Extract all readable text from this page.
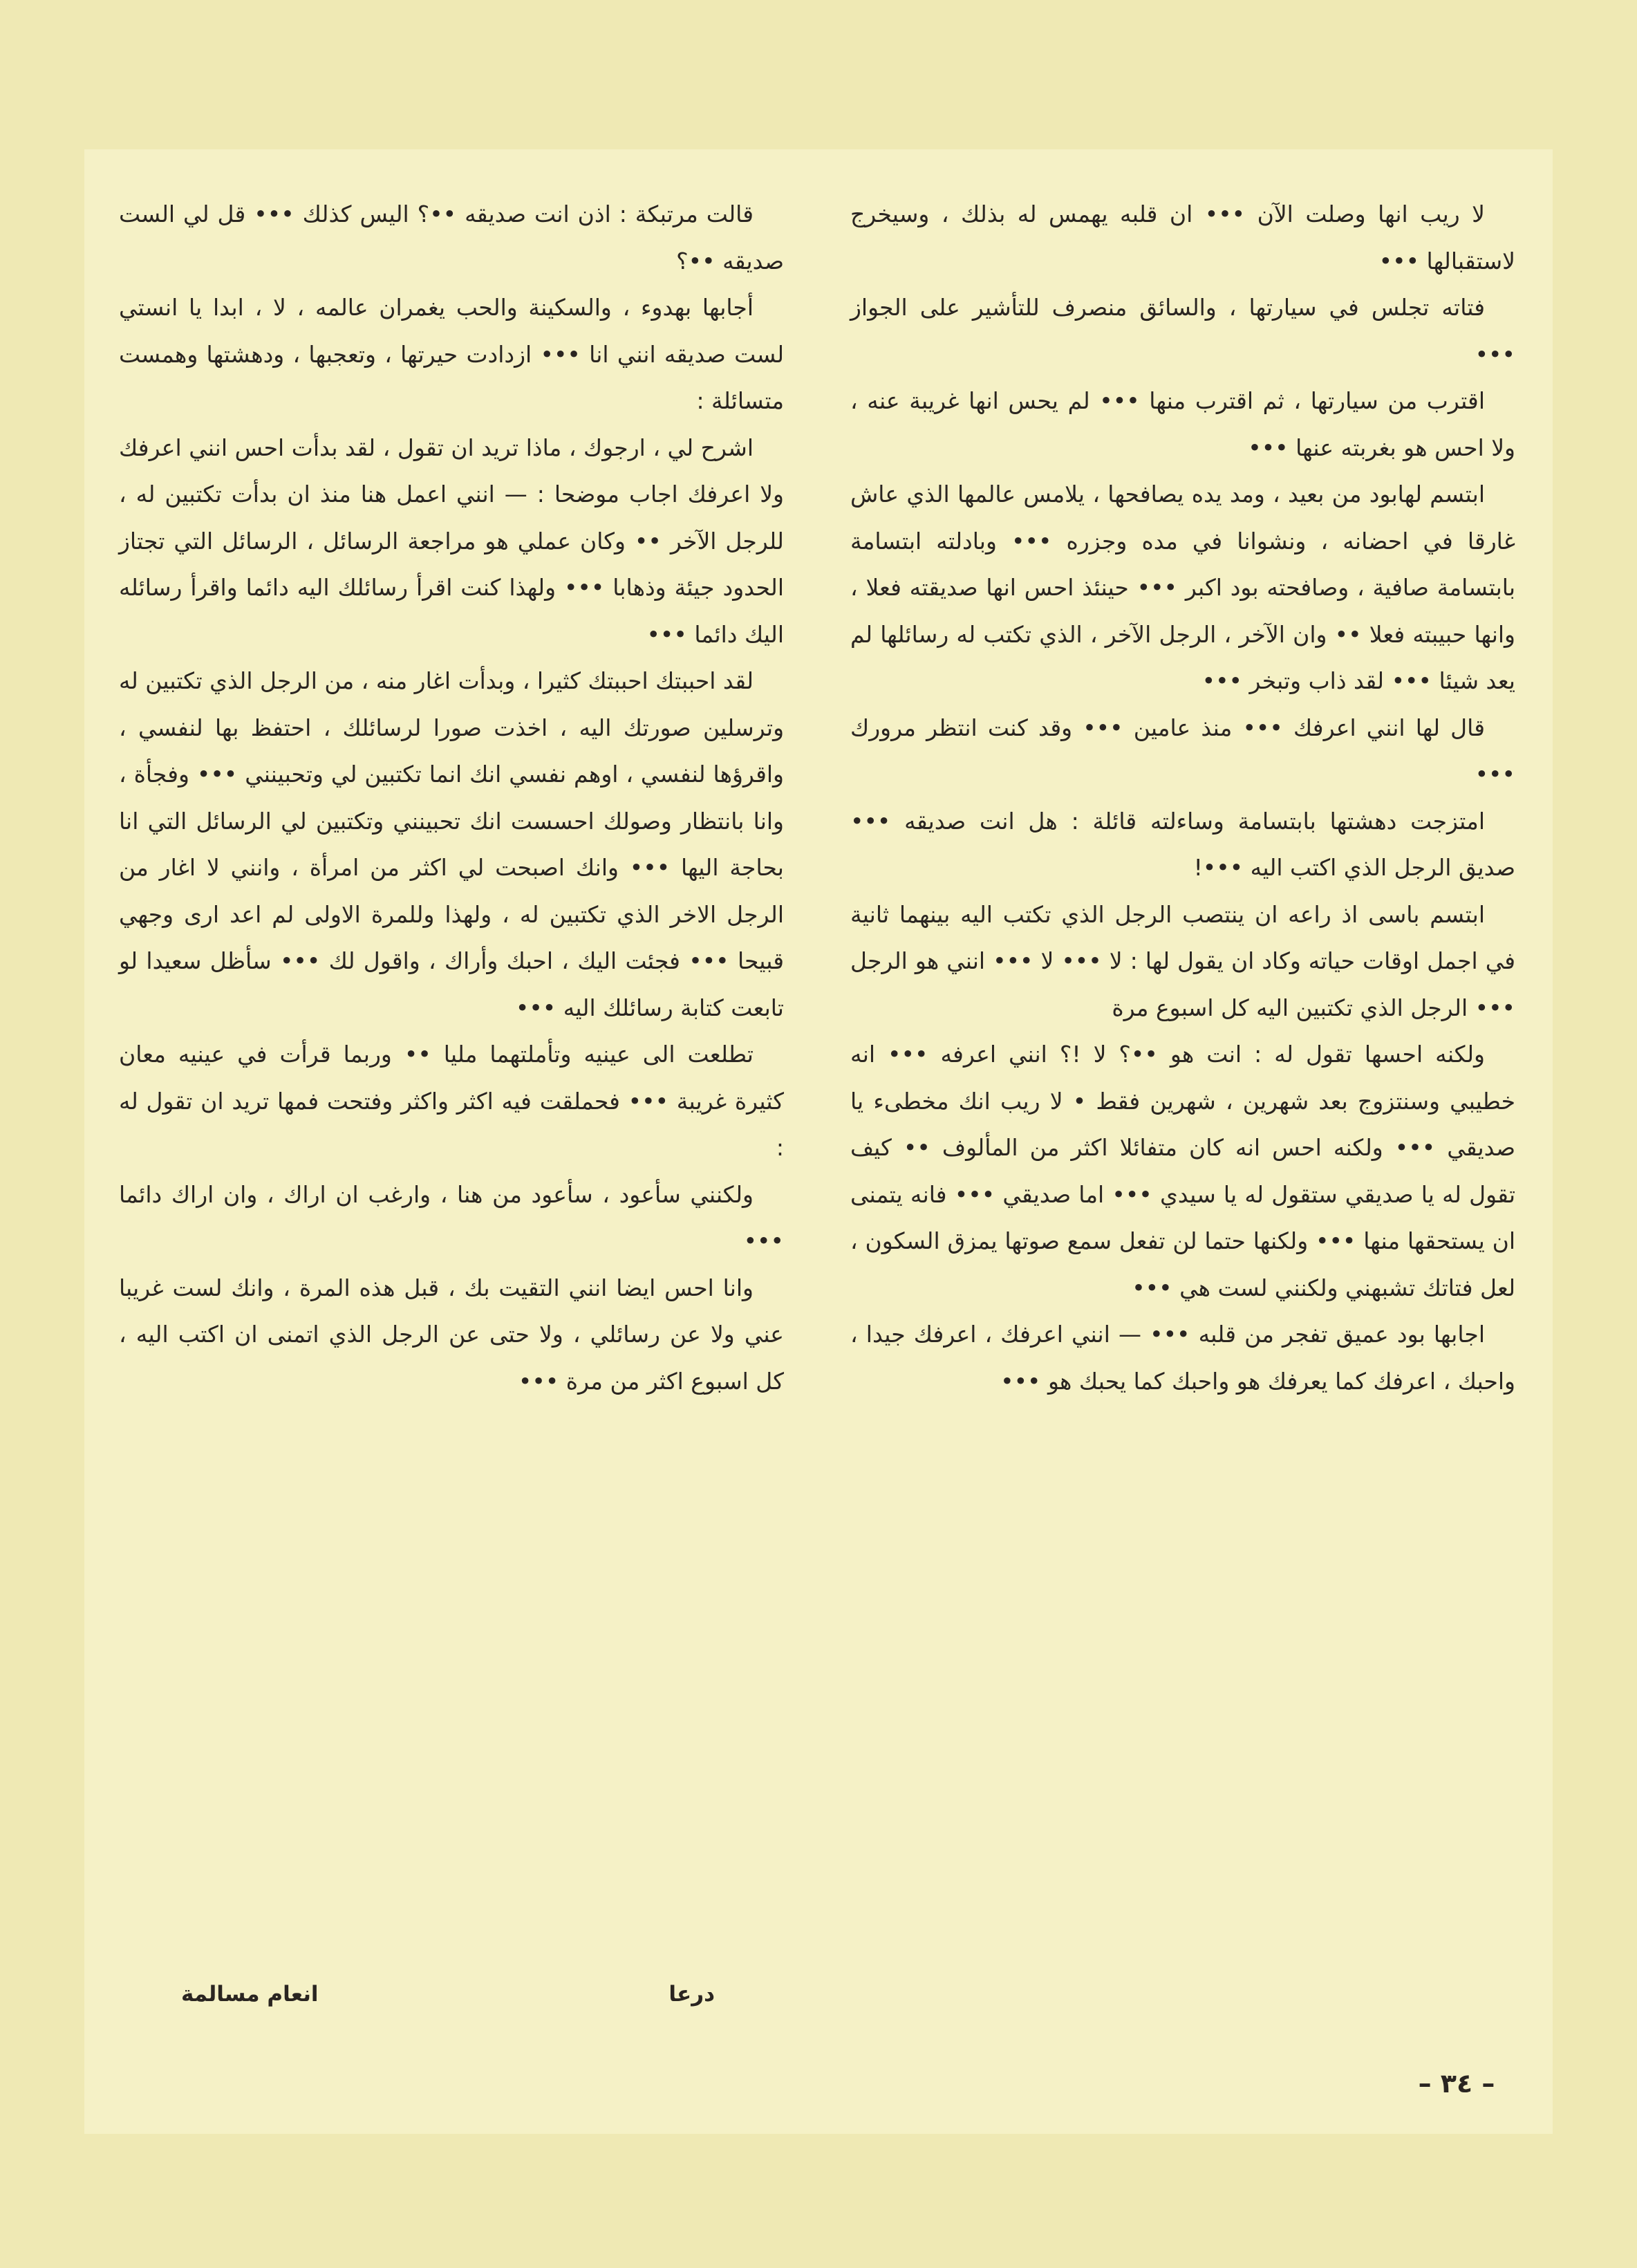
لا ريب انها وصلت الآن ••• ان قلبه يهمس له بذلك ، وسيخرج لاستقبالها •••

فتاته تجلس في سيارتها ، والسائق منصرف للتأشير على الجواز •••

اقترب من سيارتها ، ثم اقترب منها ••• لم يحس انها غريبة عنه ، ولا احس هو بغربته عنها •••

ابتسم لهابود من بعيد ، ومد يده يصافحها ، يلامس عالمها الذي عاش غارقا في احضانه ، ونشوانا في مده وجزره ••• وبادلته ابتسامة بابتسامة صافية ، وصافحته بود اكبر ••• حينئذ احس انها صديقته فعلا ، وانها حبيبته فعلا •• وان الآخر ، الرجل الآخر ، الذي تكتب له رسائلها لم يعد شيئا ••• لقد ذاب وتبخر •••

قال لها انني اعرفك ••• منذ عامين ••• وقد كنت انتظر مرورك •••

امتزجت دهشتها بابتسامة وساءلته قائلة : هل انت صديقه ••• صديق الرجل الذي اكتب اليه •••!

ابتسم باسى اذ راعه ان ينتصب الرجل الذي تكتب اليه بينهما ثانية في اجمل اوقات حياته وكاد ان يقول لها : لا ••• لا ••• انني هو الرجل ••• الرجل الذي تكتبين اليه كل اسبوع مرة

ولكنه احسها تقول له : انت هو ••؟ لا !؟ انني اعرفه ••• انه خطيبي وسنتزوج بعد شهرين ، شهرين فقط • لا ريب انك مخطىء يا صديقي ••• ولكنه احس انه كان متفائلا اكثر من المألوف •• كيف تقول له يا صديقي ستقول له يا سيدي ••• اما صديقي ••• فانه يتمنى ان يستحقها منها ••• ولكنها حتما لن تفعل سمع صوتها يمزق السكون ، لعل فتاتك تشبهني ولكنني لست هي •••

اجابها بود عميق تفجر من قلبه ••• — انني اعرفك ، اعرفك جيدا ، واحبك ، اعرفك كما يعرفك هو واحبك كما يحبك هو •••

قالت مرتبكة : اذن انت صديقه ••؟ اليس كذلك ••• قل لي الست صديقه ••؟

أجابها بهدوء ، والسكينة والحب يغمران عالمه ، لا ، ابدا يا انستي لست صديقه انني انا ••• ازدادت حيرتها ، وتعجبها ، ودهشتها وهمست متسائلة :

اشرح لي ، ارجوك ، ماذا تريد ان تقول ، لقد بدأت احس انني اعرفك ولا اعرفك اجاب موضحا : — انني اعمل هنا منذ ان بدأت تكتبين له ، للرجل الآخر •• وكان عملي هو مراجعة الرسائل ، الرسائل التي تجتاز الحدود جيئة وذهابا ••• ولهذا كنت اقرأ رسائلك اليه دائما واقرأ رسائله اليك دائما •••

لقد احببتك احببتك كثيرا ، وبدأت اغار منه ، من الرجل الذي تكتبين له وترسلين صورتك اليه ، اخذت صورا لرسائلك ، احتفظ بها لنفسي ، واقرؤها لنفسي ، اوهم نفسي انك انما تكتبين لي وتحبينني ••• وفجأة ، وانا بانتظار وصولك احسست انك تحبينني وتكتبين لي الرسائل التي انا بحاجة اليها ••• وانك اصبحت لي اكثر من امرأة ، وانني لا اغار من الرجل الاخر الذي تكتبين له ، ولهذا وللمرة الاولى لم اعد ارى وجهي قبيحا ••• فجئت اليك ، احبك وأراك ، واقول لك ••• سأظل سعيدا لو تابعت كتابة رسائلك اليه •••

تطلعت الى عينيه وتأملتهما مليا •• وربما قرأت في عينيه معان كثيرة غريبة ••• فحملقت فيه اكثر واكثر وفتحت فمها تريد ان تقول له :

ولكنني سأعود ، سأعود من هنا ، وارغب ان اراك ، وان اراك دائما •••

وانا احس ايضا انني التقيت بك ، قبل هذه المرة ، وانك لست غريبا عني ولا عن رسائلي ، ولا حتى عن الرجل الذي اتمنى ان اكتب اليه ، كل اسبوع اكثر من مرة •••

درعا
انعام مسالمة
– ٣٤ –
